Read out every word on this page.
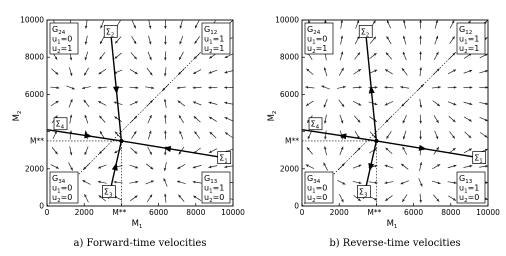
0
0
2000
2000
M**
M**
6000
6000
8000
8000
10000
10000
$M_1$
$M_2$
$G_{24}$
$u_1=0$
$u_2=1$
$G_{12}$
$u_1=1$
$u_2=1$
$G_{34}$
$u_1=0$
$u_2=0$
$G_{13}$
$u_1=1$
$u_2=0$
$\Sigma_2$
$\Sigma_4$
$\Sigma_1$
$\Sigma_3$
a) Forward-time velocities
0
0
2000
2000
M**
M**
6000
6000
8000
8000
10000
10000
$M_1$
$M_2$
$G_{24}$
$u_1=0$
$u_2=1$
$G_{12}$
$u_1=1$
$u_2=1$
$G_{34}$
$u_1=0$
$u_2=0$
$G_{13}$
$u_1=1$
$u_2=0$
$\Sigma_2$
$\Sigma_4$
$\Sigma_1$
$\Sigma_3$
b) Reverse-time velocities
